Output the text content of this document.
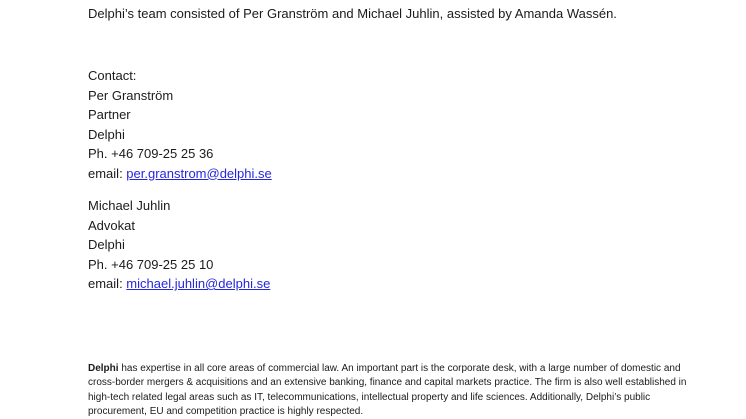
Delphi’s team consisted of Per Granström and Michael Juhlin, assisted by Amanda Wassén.

Contact:
Per Granström
Partner
Delphi
Ph. +46 709-25 25 36
email: per.granstrom@delphi.se
Michael Juhlin
Advokat
Delphi
Ph. +46 709-25 25 10
email: michael.juhlin@delphi.se
Delphi has expertise in all core areas of commercial law. An important part is the corporate desk, with a large number of domestic and
cross-border mergers & acquisitions and an extensive banking, finance and capital markets practice. The firm is also well established in
high-tech related legal areas such as IT, telecommunications, intellectual property and life sciences. Additionally, Delphi’s public
procurement, EU and competition practice is highly respected.
